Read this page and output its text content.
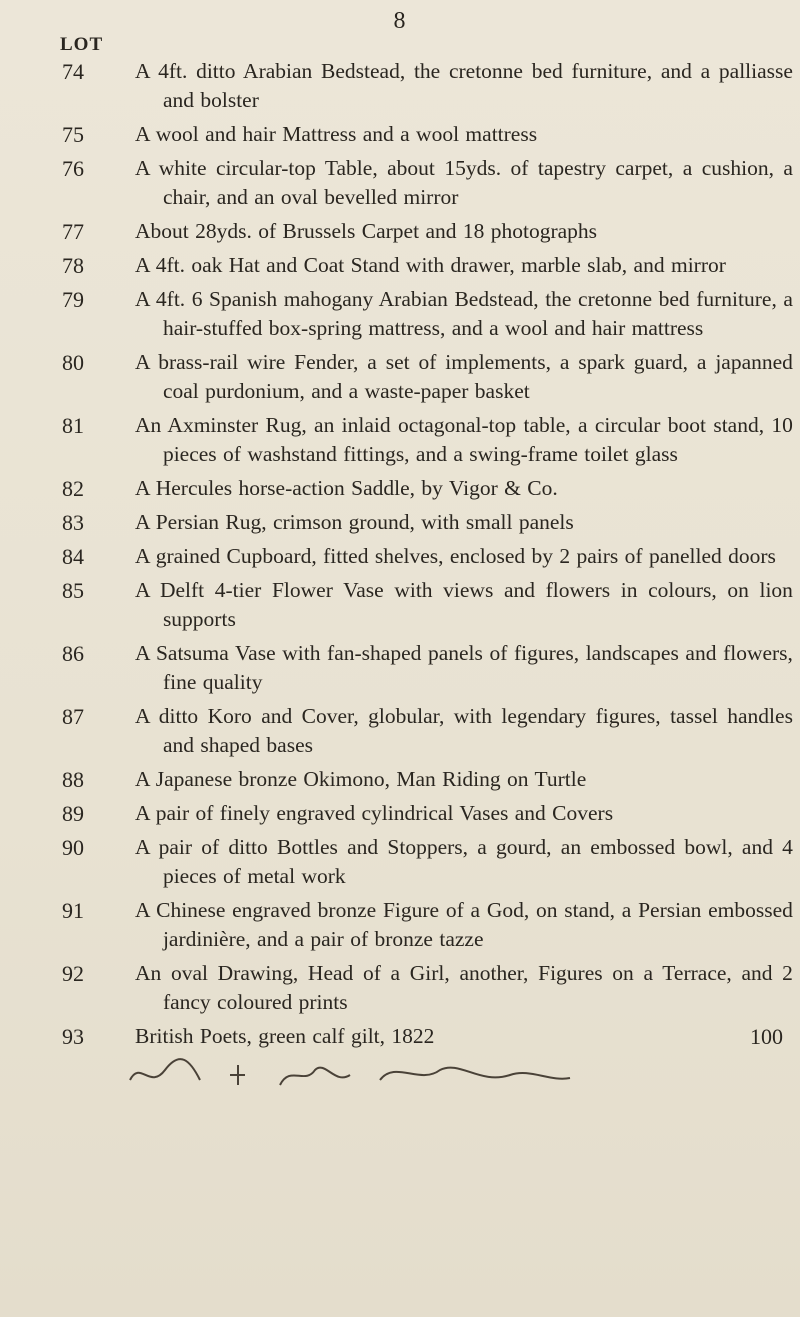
8
LOT
74	A 4ft. ditto Arabian Bedstead, the cretonne bed furniture, and a palliasse and bolster
75	A wool and hair Mattress and a wool mattress
76	A white circular-top Table, about 15yds. of tapestry carpet, a cushion, a chair, and an oval bevelled mirror
77	About 28yds. of Brussels Carpet and 18 photographs
78	A 4ft. oak Hat and Coat Stand with drawer, marble slab, and mirror
79	A 4ft. 6 Spanish mahogany Arabian Bedstead, the cretonne bed furniture, a hair-stuffed box-spring mattress, and a wool and hair mattress
80	A brass-rail wire Fender, a set of implements, a spark guard, a japanned coal purdonium, and a waste-paper basket
81	An Axminster Rug, an inlaid octagonal-top table, a circular boot stand, 10 pieces of washstand fittings, and a swing-frame toilet glass
82	A Hercules horse-action Saddle, by Vigor & Co.
83	A Persian Rug, crimson ground, with small panels
84	A grained Cupboard, fitted shelves, enclosed by 2 pairs of panelled doors
85	A Delft 4-tier Flower Vase with views and flowers in colours, on lion supports
86	A Satsuma Vase with fan-shaped panels of figures, landscapes and flowers, fine quality
87	A ditto Koro and Cover, globular, with legendary figures, tassel handles and shaped bases
88	A Japanese bronze Okimono, Man Riding on Turtle
89	A pair of finely engraved cylindrical Vases and Covers
90	A pair of ditto Bottles and Stoppers, a gourd, an embossed bowl, and 4 pieces of metal work
91	A Chinese engraved bronze Figure of a God, on stand, a Persian embossed jardinière, and a pair of bronze tazze
92	An oval Drawing, Head of a Girl, another, Figures on a Terrace, and 2 fancy coloured prints
93	British Poets, green calf gilt, 1822	100
